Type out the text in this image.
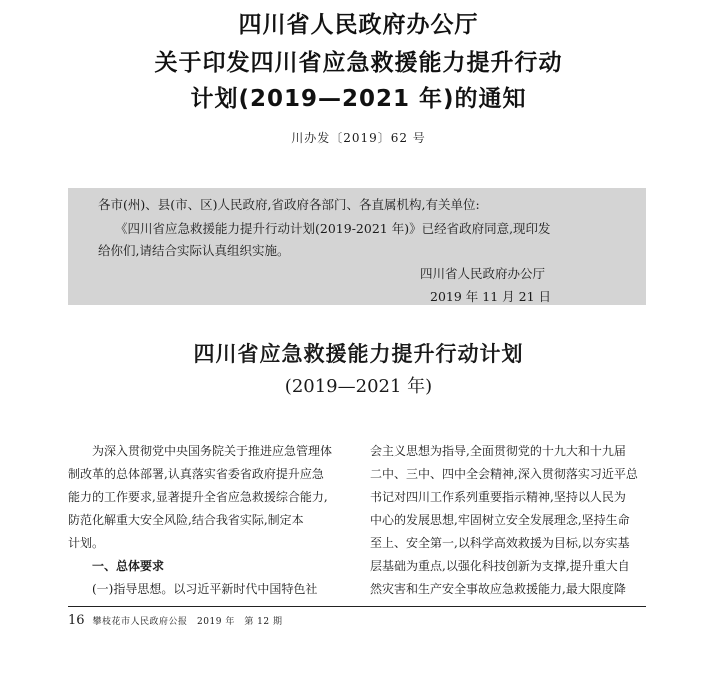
四川省人民政府办公厅
关于印发四川省应急救援能力提升行动
计划(2019—2021 年)的通知
川办发〔2019〕62 号
各市(州)、县(市、区)人民政府,省政府各部门、各直属机构,有关单位:
《四川省应急救援能力提升行动计划(2019-2021 年)》已经省政府同意,现印发
给你们,请结合实际认真组织实施。
四川省人民政府办公厅
2019 年 11 月 21 日
四川省应急救援能力提升行动计划
(2019—2021 年)
为深入贯彻党中央国务院关于推进应急管理体
制改革的总体部署,认真落实省委省政府提升应急
能力的工作要求,显著提升全省应急救援综合能力,
防范化解重大安全风险,结合我省实际,制定本
计划。
一、总体要求
(一)指导思想。以习近平新时代中国特色社
会主义思想为指导,全面贯彻党的十九大和十九届
二中、三中、四中全会精神,深入贯彻落实习近平总
书记对四川工作系列重要指示精神,坚持以人民为
中心的发展思想,牢固树立安全发展理念,坚持生命
至上、安全第一,以科学高效救援为目标,以夯实基
层基础为重点,以强化科技创新为支撑,提升重大自
然灾害和生产安全事故应急救援能力,最大限度降
16 攀枝花市人民政府公报　2019 年　第 12 期
